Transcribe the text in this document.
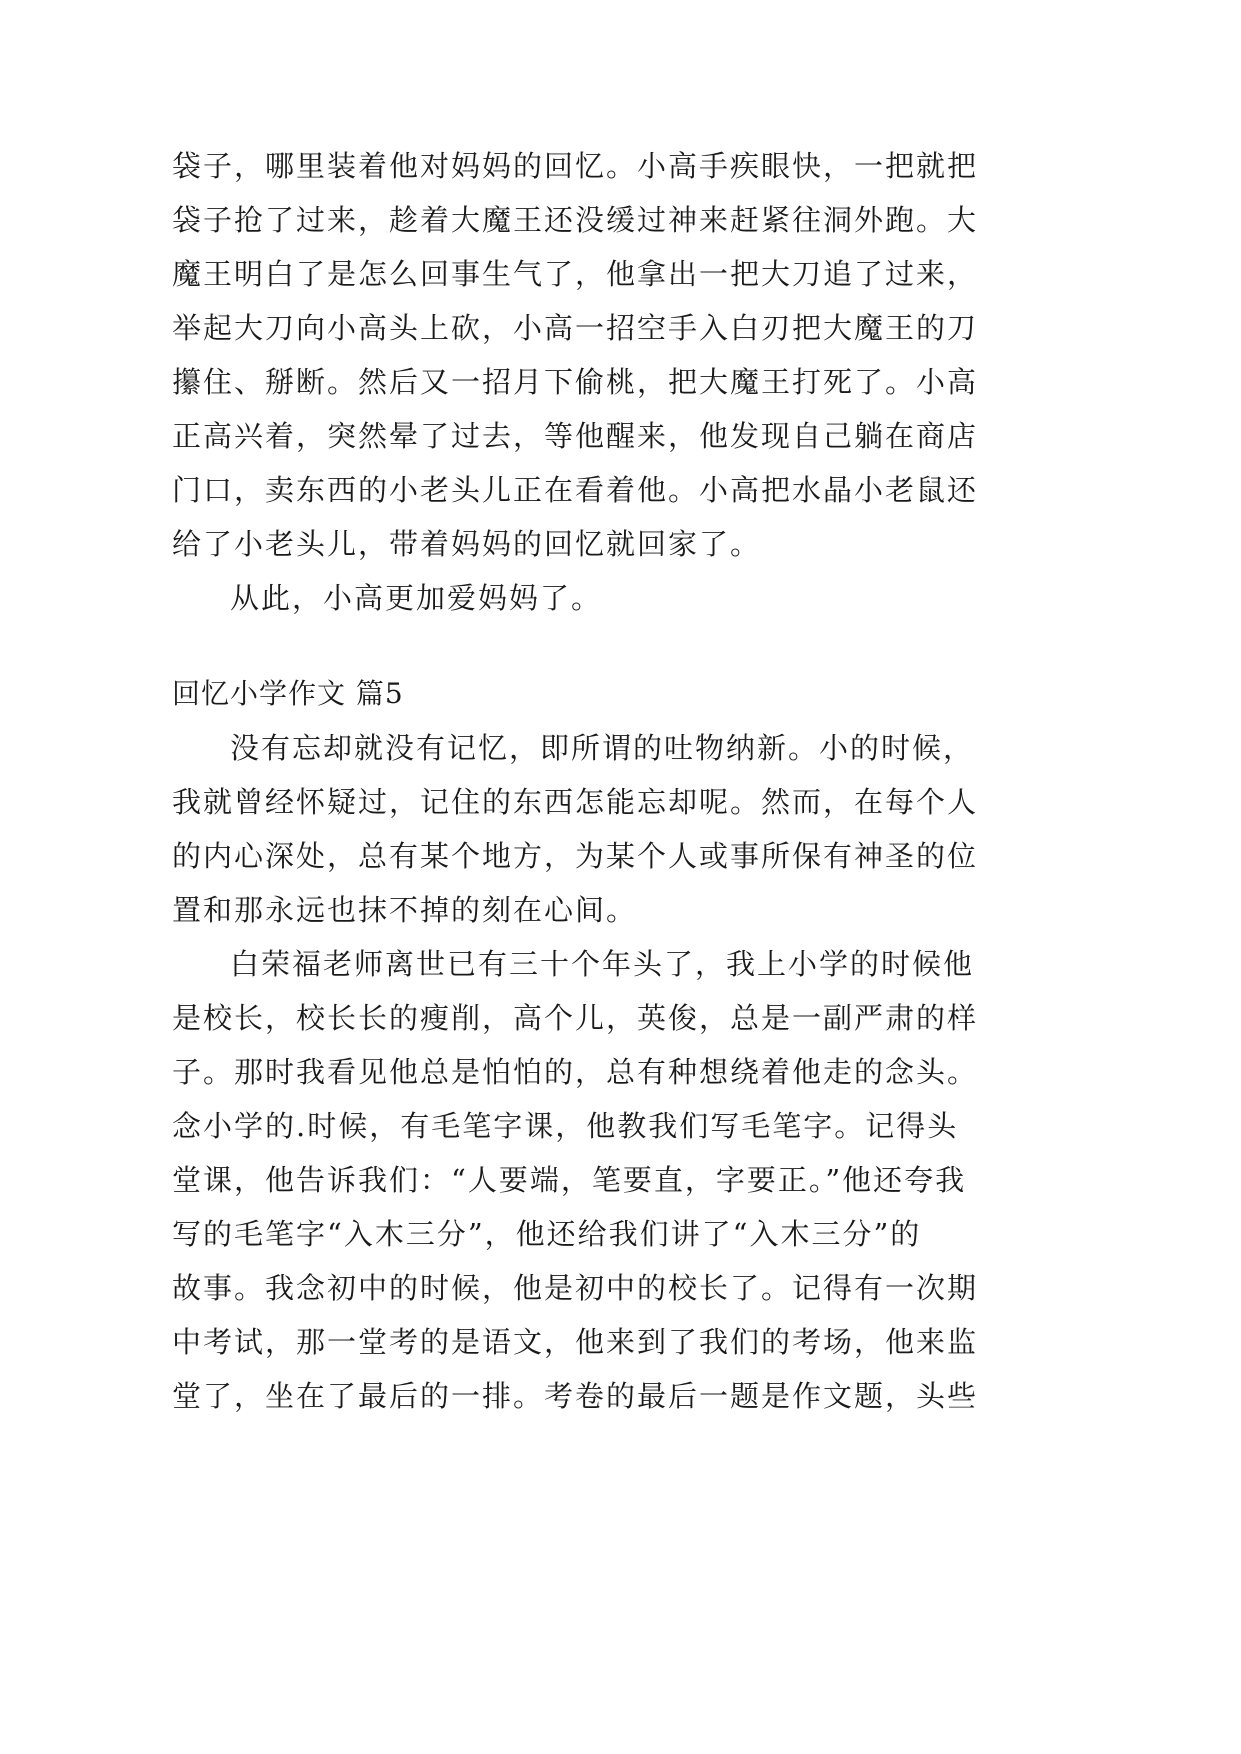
袋子，哪里装着他对妈妈的回忆。小高手疾眼快，一把就把
袋子抢了过来，趁着大魔王还没缓过神来赶紧往洞外跑。大
魔王明白了是怎么回事生气了，他拿出一把大刀追了过来，
举起大刀向小高头上砍，小高一招空手入白刃把大魔王的刀
攥住、掰断。然后又一招月下偷桃，把大魔王打死了。小高
正高兴着，突然晕了过去，等他醒来，他发现自己躺在商店
门口，卖东西的小老头儿正在看着他。小高把水晶小老鼠还
给了小老头儿，带着妈妈的回忆就回家了。
从此，小高更加爱妈妈了。
回忆小学作文 篇5
没有忘却就没有记忆，即所谓的吐物纳新。小的时候，
我就曾经怀疑过，记住的东西怎能忘却呢。然而，在每个人
的内心深处，总有某个地方，为某个人或事所保有神圣的位
置和那永远也抹不掉的刻在心间。
白荣福老师离世已有三十个年头了，我上小学的时候他
是校长，校长长的瘦削，高个儿，英俊，总是一副严肃的样
子。那时我看见他总是怕怕的，总有种想绕着他走的念头。
念小学的.时候，有毛笔字课，他教我们写毛笔字。记得头
堂课，他告诉我们：“人要端，笔要直，字要正。”他还夸我
写的毛笔字“入木三分”，他还给我们讲了“入木三分”的
故事。我念初中的时候，他是初中的校长了。记得有一次期
中考试，那一堂考的是语文，他来到了我们的考场，他来监
堂了，坐在了最后的一排。考卷的最后一题是作文题，头些
